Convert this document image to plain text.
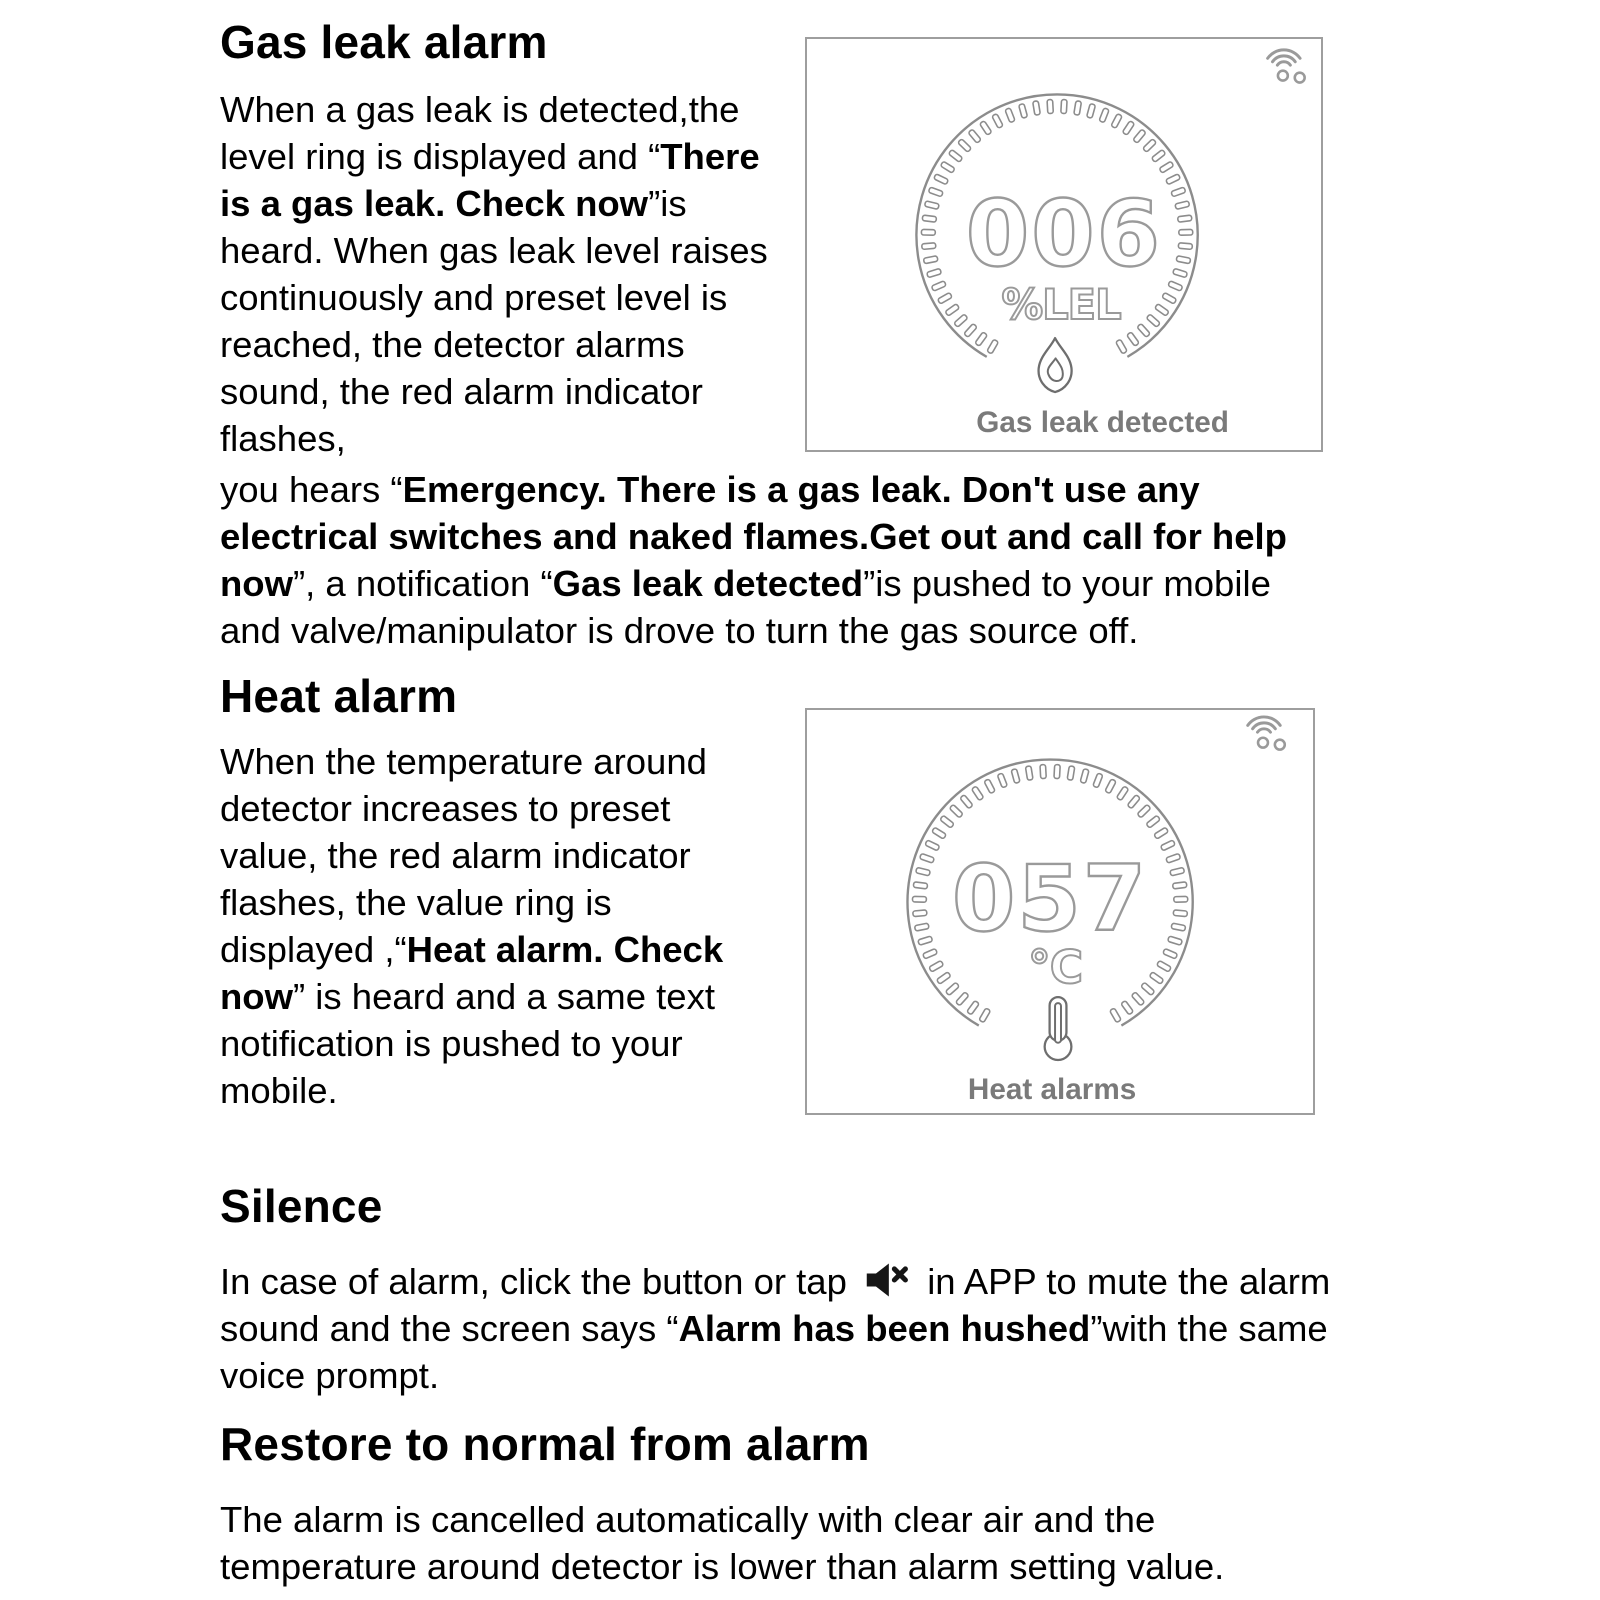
Gas leak alarm

When a gas leak is detected,the level ring is displayed and “There is a gas leak. Check now”is heard. When gas leak level raises continuously and preset level is reached, the detector alarms sound, the red alarm indicator flashes,

006
%LEL
Gas leak detected

you hears “Emergency. There is a gas leak. Don't use any electrical switches and naked flames.Get out and call for help now”, a notification “Gas leak detected”is pushed to your mobile and valve/manipulator is drove to turn the gas source off.

Heat alarm

When the temperature around detector increases to preset value, the red alarm indicator flashes, the value ring is displayed ,“Heat alarm. Check now” is heard and a same text notification is pushed to your mobile.

057
°C
Heat alarms
Silence

In case of alarm, click the button or tap
in APP to mute the alarm sound and the screen says “Alarm has been hushed”with the same voice prompt.

Restore to normal from alarm

The alarm is cancelled automatically with clear air and the temperature around detector is lower than alarm setting value.
